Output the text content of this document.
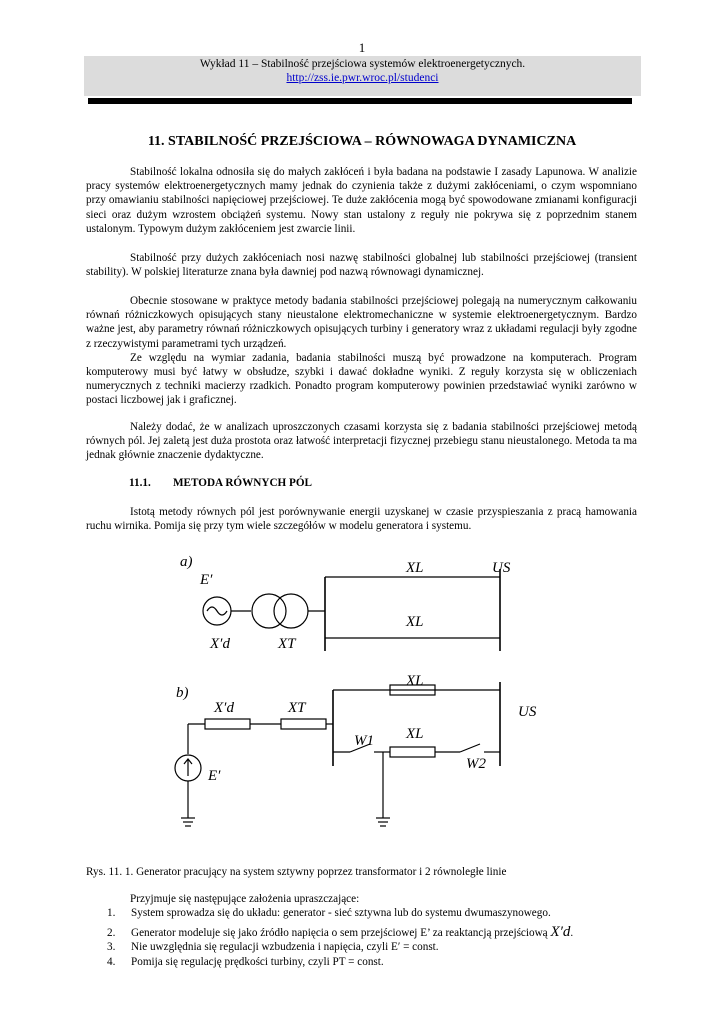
1
Wykład 11 – Stabilność przejściowa systemów elektroenergetycznych.
http://zss.ie.pwr.wroc.pl/studenci
11. STABILNOŚĆ PRZEJŚCIOWA – RÓWNOWAGA DYNAMICZNA

Stabilność lokalna odnosiła się do małych zakłóceń i była badana na podstawie I zasady Lapunowa. W analizie pracy systemów elektroenergetycznych mamy jednak do czynienia także z dużymi zakłóceniami, o czym wspomniano przy omawianiu stabilności napięciowej przejściowej. Te duże zakłócenia mogą być spowodowane zmianami konfiguracji sieci oraz dużym wzrostem obciążeń systemu. Nowy stan ustalony z reguły nie pokrywa się z poprzednim stanem ustalonym. Typowym dużym zakłóceniem jest zwarcie linii.

Stabilność przy dużych zakłóceniach nosi nazwę stabilności globalnej lub stabilności przejściowej (transient stability). W polskiej literaturze znana była dawniej pod nazwą równowagi dynamicznej.

Obecnie stosowane w praktyce metody badania stabilności przejściowej polegają na numerycznym całkowaniu równań różniczkowych opisujących stany nieustalone elektromechaniczne w systemie elektroenergetycznym. Bardzo ważne jest, aby parametry równań różniczkowych opisujących turbiny i generatory wraz z układami regulacji były zgodne z rzeczywistymi parametrami tych urządzeń.

Ze względu na wymiar zadania, badania stabilności muszą być prowadzone na komputerach. Program komputerowy musi być łatwy w obsłudze, szybki i dawać dokładne wyniki. Z reguły korzysta się w obliczeniach numerycznych z techniki macierzy rzadkich. Ponadto program komputerowy powinien przedstawiać wyniki zarówno w postaci liczbowej jak i graficznej.

Należy dodać, że w analizach uproszczonych czasami korzysta się z badania stabilności przejściowej metodą równych pól. Jej zaletą jest duża prostota oraz łatwość interpretacji fizycznej przebiegu stanu nieustalonego. Metoda ta ma jednak głównie znaczenie dydaktyczne.

11.1. METODA RÓWNYCH PÓL

Istotą metody równych pól jest porównywanie energii uzyskanej w czasie przyspieszania z pracą hamowania ruchu wirnika. Pomija się przy tym wiele szczegółów w modelu generatora i systemu.

a)
E′
X′d	XT
XL
XL
US
b)
X′d	XT
XL
XL
US
W1
W2
E′
Rys. 11. 1. Generator pracujący na system sztywny poprzez transformator i 2 równoległe linie
Przyjmuje się następujące założenia upraszczające:
1. System sprowadza się do układu: generator - sieć sztywna lub do systemu dwumaszynowego.
2. Generator modeluje się jako źródło napięcia o sem przejściowej E’ za reaktancją przejściową X′d.
3. Nie uwzględnia się regulacji wzbudzenia i napięcia, czyli E′ = const.
4. Pomija się regulację prędkości turbiny, czyli PT = const.
